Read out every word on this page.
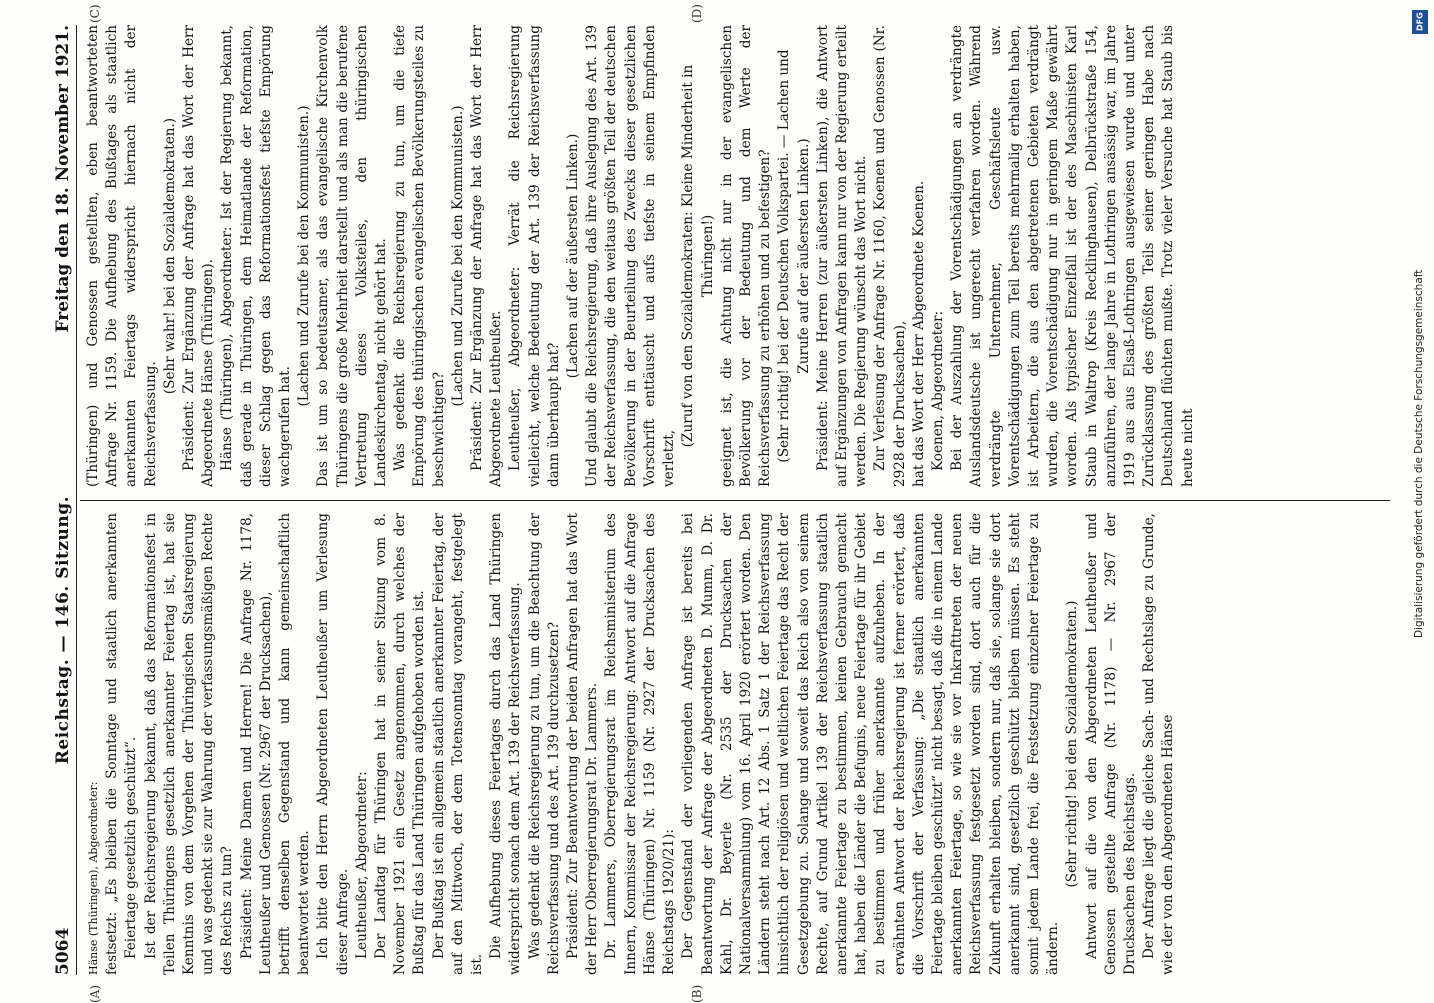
5064
Reichstag. — 146. Sitzung.
Freitag den 18. November 1921.

Hänse (Thüringen), Abgeordneter: festsetzt: „Es bleiben die Sonntage und staatlich anerkannten Feiertage gesetzlich geschützt“. Ist der Reichsregierung bekannt, daß das Reformationsfest in Teilen Thüringens gesetzlich anerkannter Feiertag ist, hat sie Kenntnis von dem Vorgehen der Thüringischen Staatsregierung und was gedenkt sie zur Wahrung der verfassungsmäßigen Rechte des Reichs zu tun? Präsident: Meine Damen und Herren! Die Anfrage Nr. 1178, Leutheußer und Genossen (Nr. 2967 der Drucksachen), betrifft denselben Gegenstand und kann gemeinschaftlich beantwortet werden. Ich bitte den Herrn Abgeordneten Leutheußer um Verlesung dieser Anfrage. Leutheußer, Abgeordneter: Der Landtag für Thüringen hat in seiner Sitzung vom 8. November 1921 ein Gesetz angenommen, durch welches der Bußtag für das Land Thüringen aufgehoben worden ist. Der Bußtag ist ein allgemein staatlich anerkannter Feiertag, der auf den Mittwoch, der dem Totensonntag vorangeht, festgelegt ist.

Die Aufhebung dieses Feiertages durch das Land Thüringen widerspricht sonach dem Art. 139 der Reichsverfassung. Was gedenkt die Reichsregierung zu tun, um die Beachtung der Reichsverfassung und des Art. 139 durchzusetzen? Präsident: Zur Beantwortung der beiden Anfragen hat das Wort der Herr Oberregierungsrat Dr. Lammers. Dr. Lammers, Oberregierungsrat im Reichsministerium des Innern, Kommissar der Reichsregierung: Antwort auf die Anfrage Hänse (Thüringen) Nr. 1159 (Nr. 2927 der Drucksachen des Reichstags 1920/21): Der Gegenstand der vorliegenden Anfrage ist bereits bei Beantwortung der Anfrage der Abgeordneten D. Mumm, D. Dr. Kahl, Dr. Beyerle (Nr. 2535 der Drucksachen der Nationalversammlung) vom 16. April 1920 erörtert worden. Den Ländern steht nach Art. 12 Abs. 1 Satz 1 der Reichsverfassung hinsichtlich der religiösen und weltlichen Feiertage das Recht der Gesetzgebung zu. Solange und soweit das Reich also von seinem Rechte, auf Grund Artikel 139 der Reichsverfassung staatlich anerkannte Feiertage zu bestimmen, keinen Gebrauch gemacht hat, haben die Länder die Befugnis, neue Feiertage für ihr Gebiet zu bestimmen und früher anerkannte aufzuheben. In der erwähnten Antwort der Reichsregierung ist ferner erörtert, daß die Vorschrift der Verfassung: „Die staatlich anerkannten Feiertage bleiben geschützt“ nicht besagt, daß die in einem Lande anerkannten Feiertage, so wie sie vor Inkrafttreten der neuen Reichsverfassung festgesetzt worden sind, dort auch für die Zukunft erhalten bleiben, sondern nur, daß sie, solange sie dort anerkannt sind, gesetzlich geschützt bleiben müssen. Es steht somit jedem Lande frei, die Festsetzung einzelner Feiertage zu ändern.

(Sehr richtig! bei den Sozialdemokraten.) Antwort auf die von den Abgeordneten Leutheußer und Genossen gestellte Anfrage (Nr. 1178) — Nr. 2967 der Drucksachen des Reichstags. Der Anfrage liegt die gleiche Sach- und Rechtslage zu Grunde, wie der von den Abgeordneten Hänse

(Thüringen) und Genossen gestellten, eben beantworteten Anfrage Nr. 1159. Die Aufhebung des Bußtages als staatlich anerkannten Feiertags widerspricht hiernach nicht der Reichsverfassung.

(Sehr wahr! bei den Sozialdemokraten.) Präsident: Zur Ergänzung der Anfrage hat das Wort der Herr Abgeordnete Hänse (Thüringen). Hänse (Thüringen), Abgeordneter: Ist der Regierung bekannt, daß gerade in Thüringen, dem Heimatlande der Reformation, dieser Schlag gegen das Reformationsfest tiefste Empörung wachgerufen hat.

(Lachen und Zurufe bei den Kommunisten.) Das ist um so bedeutsamer, als das evangelische Kirchenvolk Thüringens die große Mehrheit darstellt und als man die berufene Vertretung dieses Volksteiles, den thüringischen Landeskirchentag, nicht gehört hat. Was gedenkt die Reichsregierung zu tun, um die tiefe Empörung des thüringischen evangelischen Bevölkerungsteiles zu beschwichtigen?

(Lachen und Zurufe bei den Kommunisten.) Präsident: Zur Ergänzung der Anfrage hat das Wort der Herr Abgeordnete Leutheußer. Leutheußer, Abgeordneter: Verrät die Reichsregierung vielleicht, welche Bedeutung der Art. 139 der Reichsverfassung dann überhaupt hat?

(Lachen auf der äußersten Linken.) Und glaubt die Reichsregierung, daß ihre Auslegung des Art. 139 der Reichsverfassung, die den weitaus größten Teil der deutschen Bevölkerung in der Beurteilung des Zwecks dieser gesetzlichen Vorschrift enttäuscht und aufs tiefste in seinem Empfinden verletzt,

(Zuruf von den Sozialdemokraten: Kleine Minderheit in Thüringen!) geeignet ist, die Achtung nicht nur in der evangelischen Bevölkerung vor der Bedeutung und dem Werte der Reichsverfassung zu erhöhen und zu befestigen? (Sehr richtig! bei der Deutschen Volkspartei. — Lachen und Zurufe auf der äußersten Linken.) Präsident: Meine Herren (zur äußersten Linken), die Antwort auf Ergänzungen von Anfragen kann nur von der Regierung erteilt werden. Die Regierung wünscht das Wort nicht. Zur Verlesung der Anfrage Nr. 1160, Koenen und Genossen (Nr. 2928 der Drucksachen), hat das Wort der Herr Abgeordnete Koenen. Koenen, Abgeordneter: Bei der Auszahlung der Vorentschädigungen an verdrängte Auslandsdeutsche ist ungerecht verfahren worden. Während verdrängte Unternehmer, Geschäftsleute usw. Vorentschädigungen zum Teil bereits mehrmalig erhalten haben, ist Arbeitern, die aus den abgetretenen Gebieten verdrängt wurden, die Vorentschädigung nur in geringem Maße gewährt worden. Als typischer Einzelfall ist der des Maschinisten Karl Staub in Waltrop (Kreis Recklinghausen), Delbrückstraße 154, anzuführen, der lange Jahre in Lothringen ansässig war, im Jahre 1919 aus aus Elsaß-Lothringen ausgewiesen wurde und unter Zurücklassung des größten Teils seiner geringen Habe nach Deutschland flüchten mußte. Trotz vieler Versuche hat Staub bis heute nicht

(A)	(B)
(C)	(D)	DFG
Digitalisierung gefördert durch die Deutsche Forschungsgemeinschaft
